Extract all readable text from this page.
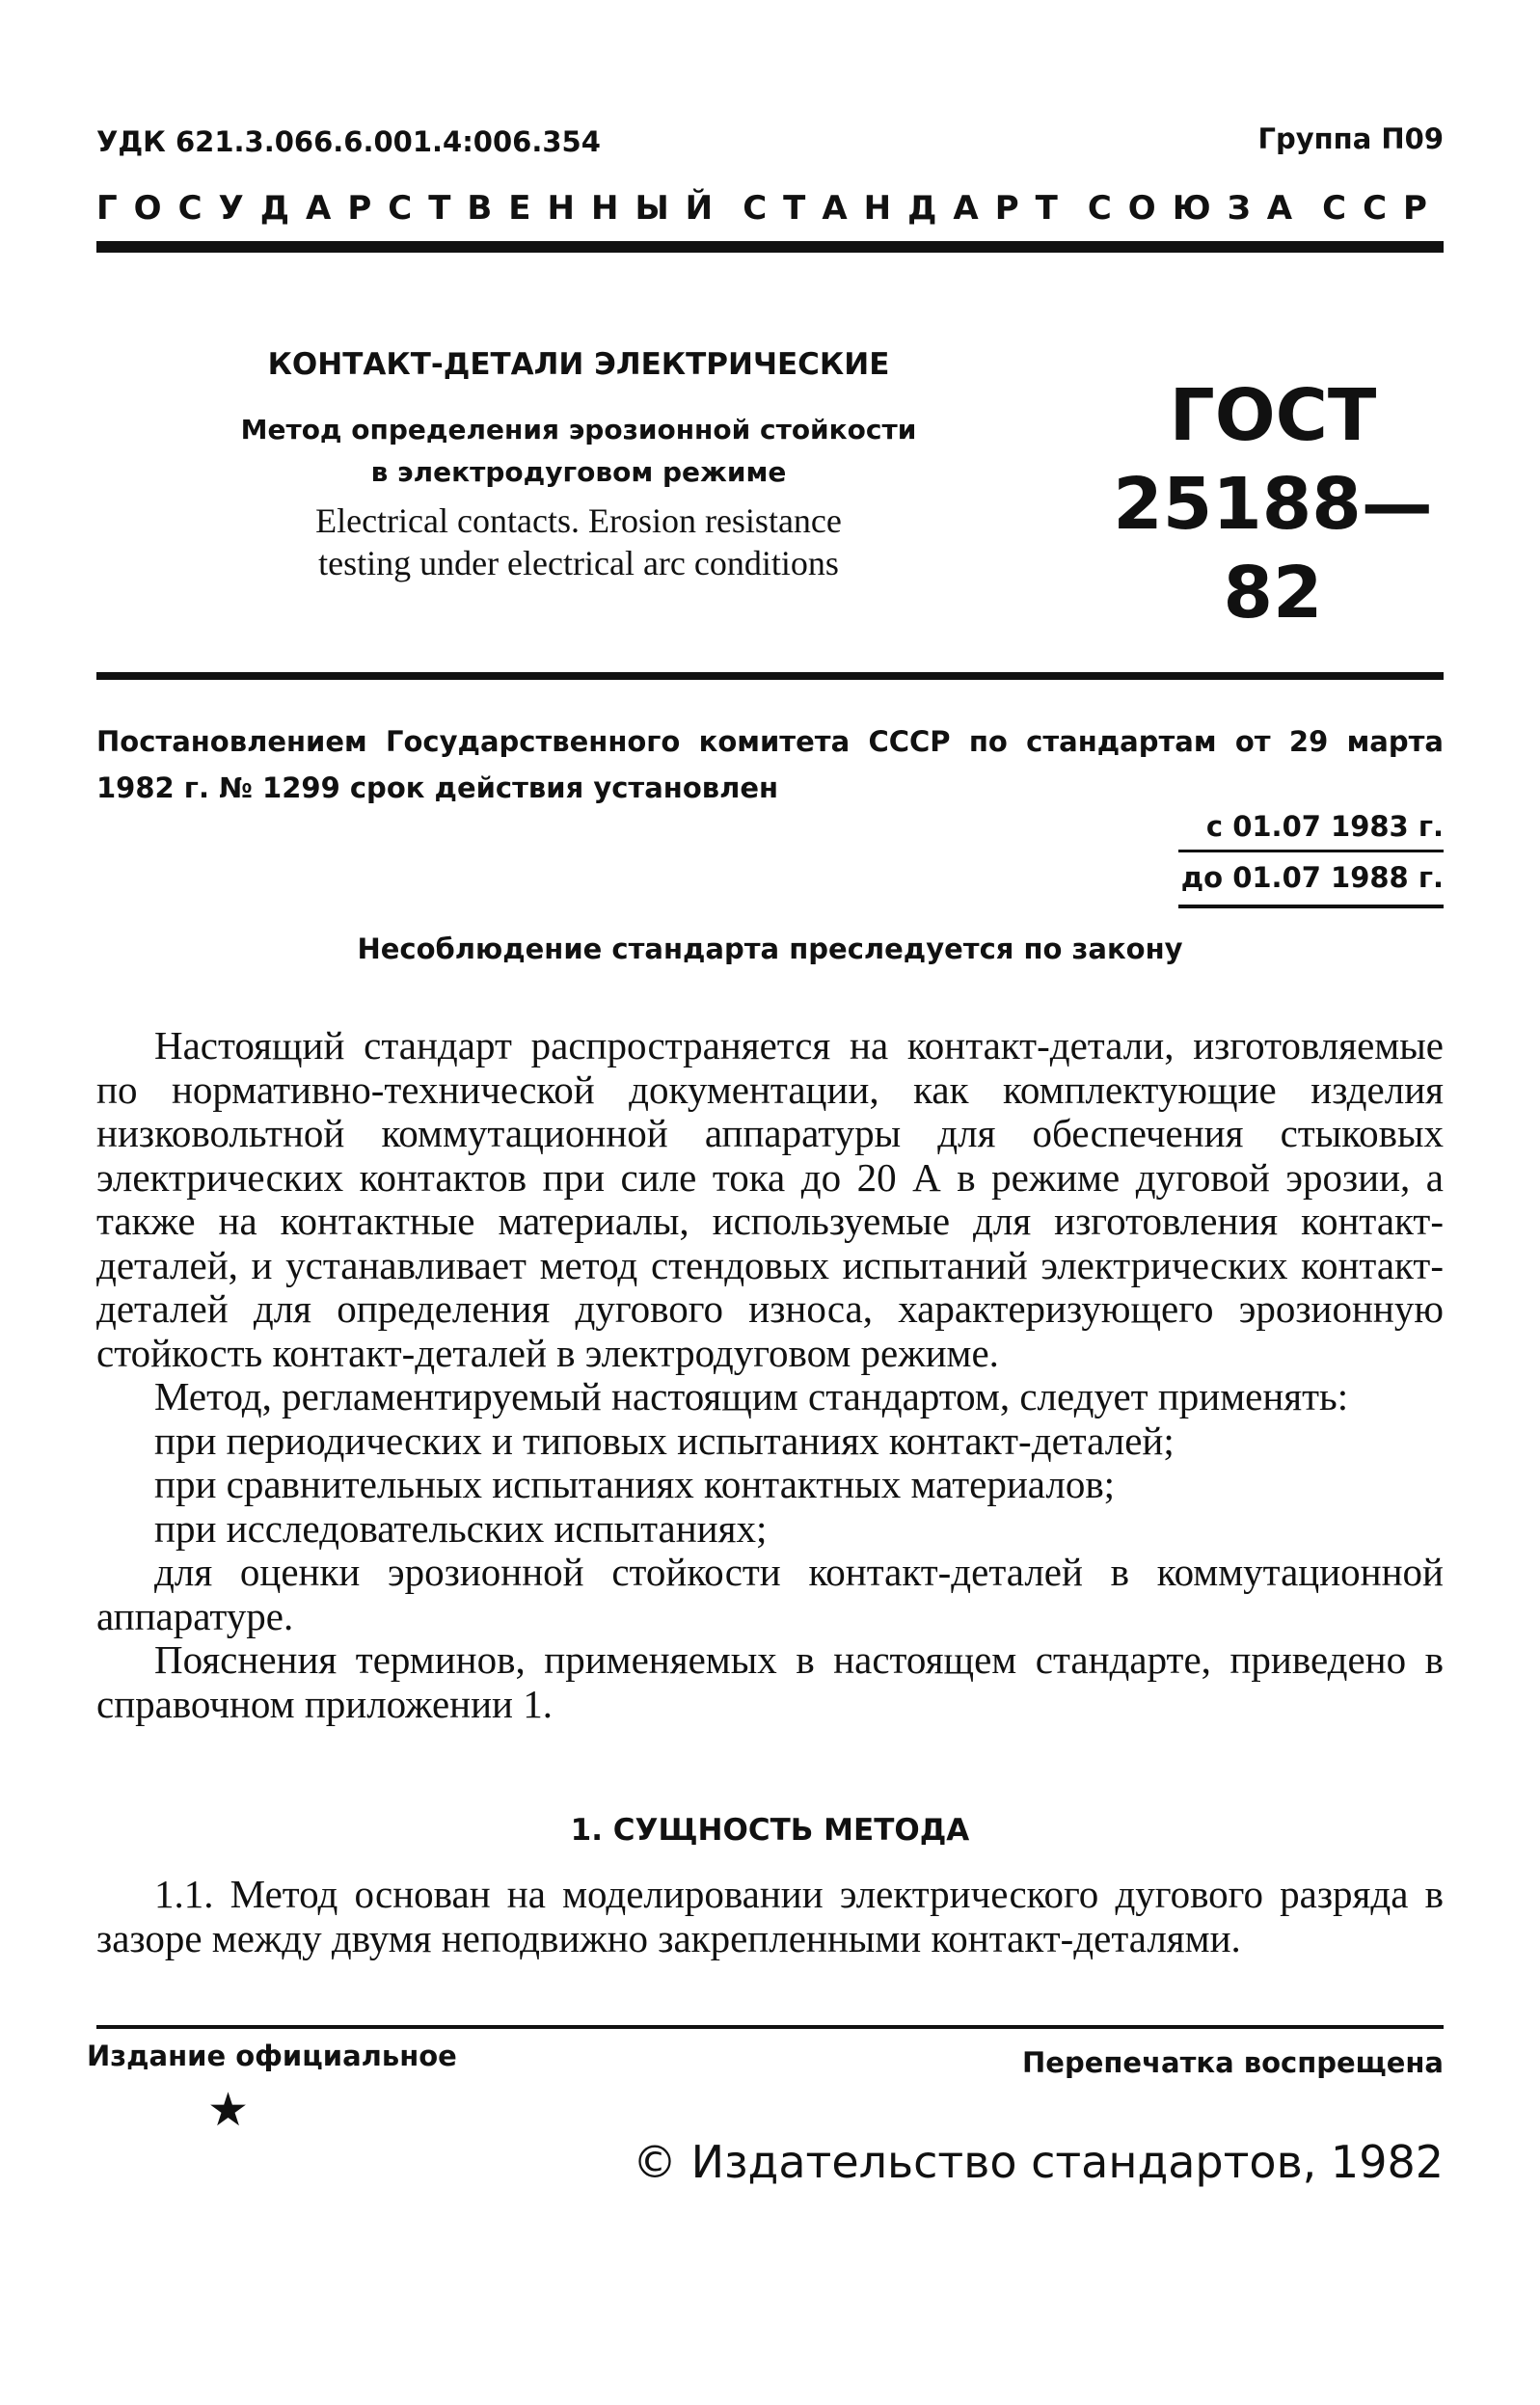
УДК 621.3.066.6.001.4:006.354	Группа П09
ГОСУДАРСТВЕННЫЙ СТАНДАРТ СОЮЗА ССР
КОНТАКТ-ДЕТАЛИ ЭЛЕКТРИЧЕСКИЕ
Метод определения эрозионной стойкости
в электродуговом режиме
Electrical contacts. Erosion resistance
testing under electrical arc conditions
ГОСТ
25188—82
Постановлением Государственного комитета СССР по стандартам от 29 марта 1982 г. № 1299 срок действия установлен
с 01.07 1983 г.
до 01.07 1988 г.
Несоблюдение стандарта преследуется по закону

Настоящий стандарт распространяется на контакт-детали, изготовляемые по нормативно-технической документации, как комплектующие изделия низковольтной коммутационной аппаратуры для обеспечения стыковых электрических контактов при силе тока до 20 А в режиме дуговой эрозии, а также на контактные материалы, используемые для изготовления контакт-деталей, и устанавливает метод стендовых испытаний электрических контакт-деталей для определения дугового износа, характеризующего эрозионную стойкость контакт-деталей в электродуговом режиме.

Метод, регламентируемый настоящим стандартом, следует применять:

при периодических и типовых испытаниях контакт-деталей;

при сравнительных испытаниях контактных материалов;

при исследовательских испытаниях;

для оценки эрозионной стойкости контакт-деталей в коммутационной аппаратуре.

Пояснения терминов, применяемых в настоящем стандарте, приведено в справочном приложении 1.

1. СУЩНОСТЬ МЕТОДА

1.1. Метод основан на моделировании электрического дугового разряда в зазоре между двумя неподвижно закрепленными контакт-деталями.

Издание официальное	Перепечатка воспрещена
★
© Издательство стандартов, 1982
